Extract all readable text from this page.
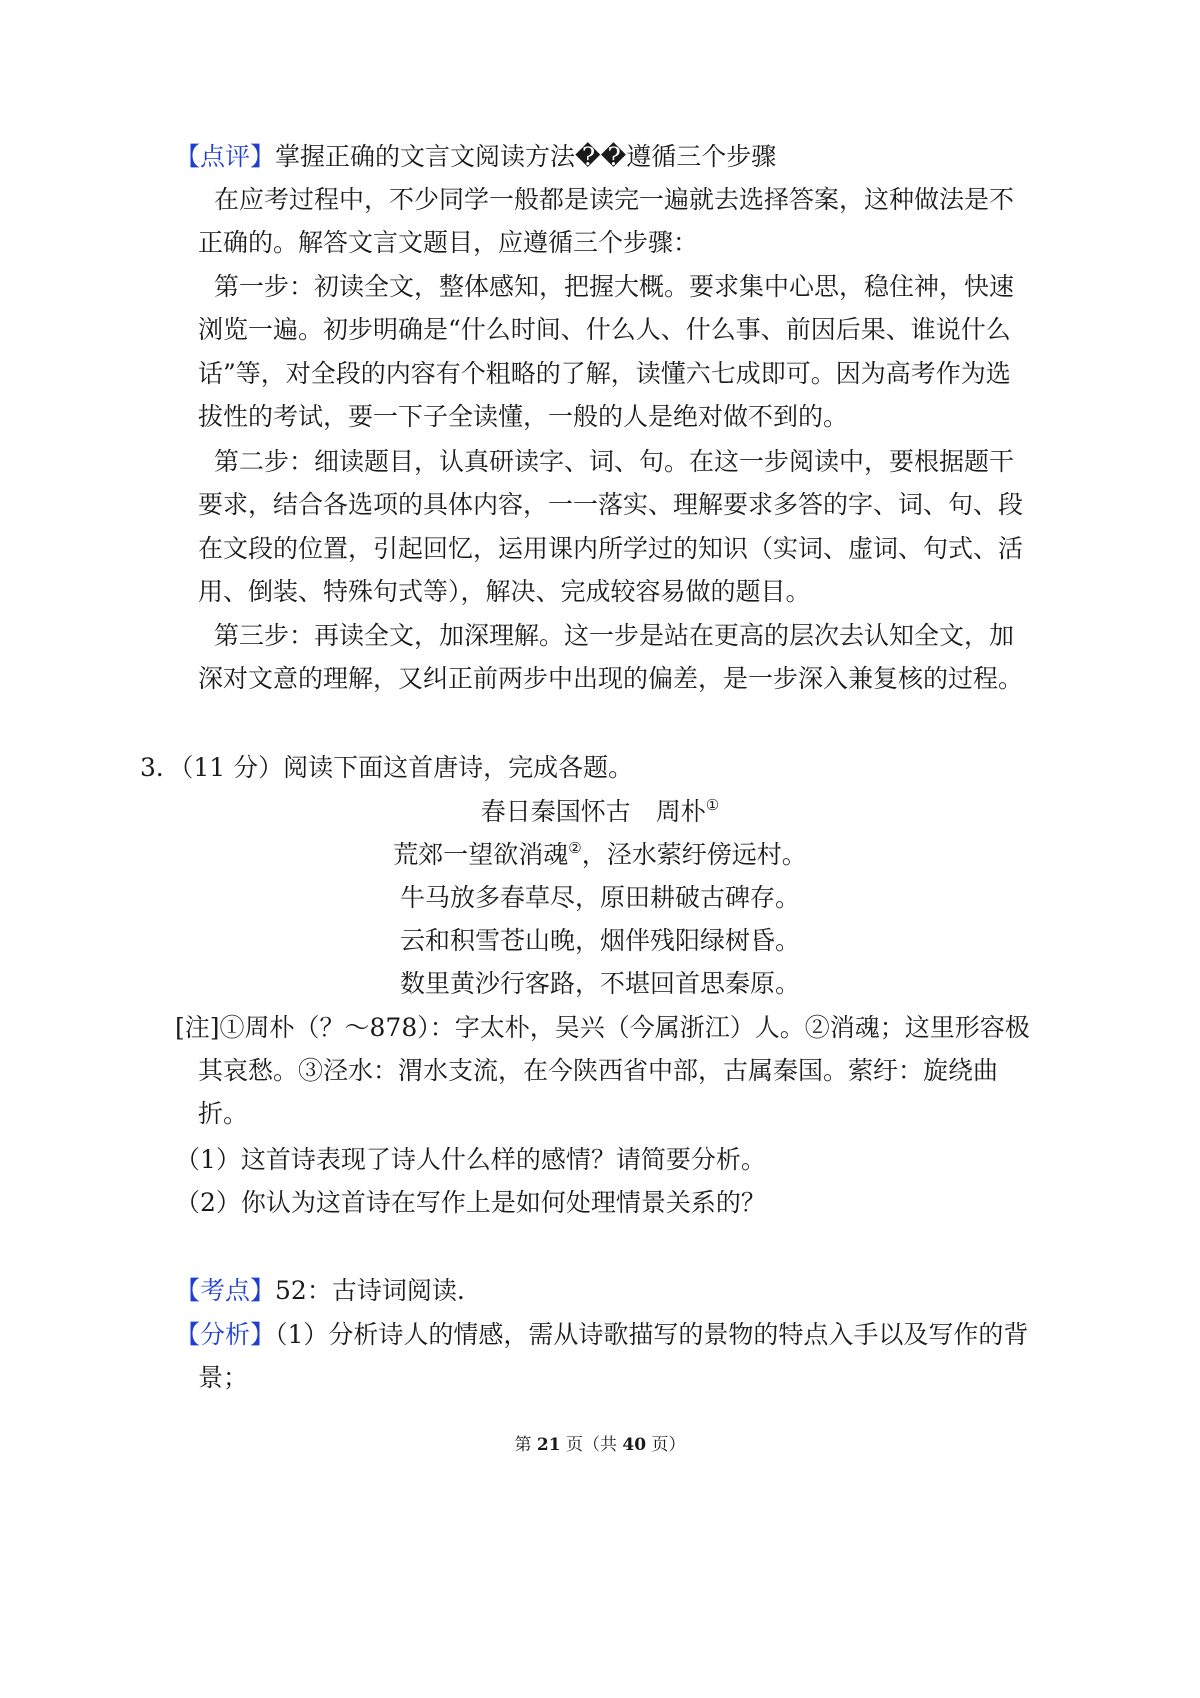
【点评】掌握正确的文言文阅读方法��遵循三个步骤
在应考过程中，不少同学一般都是读完一遍就去选择答案，这种做法是不
正确的。解答文言文题目，应遵循三个步骤：
第一步：初读全文，整体感知，把握大概。要求集中心思，稳住神，快速
浏览一遍。初步明确是“什么时间、什么人、什么事、前因后果、谁说什么
话”等，对全段的内容有个粗略的了解，读懂六七成即可。因为高考作为选
拔性的考试，要一下子全读懂，一般的人是绝对做不到的。
第二步：细读题目，认真研读字、词、句。在这一步阅读中，要根据题干
要求，结合各选项的具体内容，一一落实、理解要求多答的字、词、句、段
在文段的位置，引起回忆，运用课内所学过的知识（实词、虚词、句式、活
用、倒装、特殊句式等），解决、完成较容易做的题目。
第三步：再读全文，加深理解。这一步是站在更高的层次去认知全文，加
深对文意的理解，又纠正前两步中出现的偏差，是一步深入兼复核的过程。
3．（11 分）阅读下面这首唐诗，完成各题。
春日秦国怀古　周朴①
荒郊一望欲消魂②，泾水萦纡傍远村。
牛马放多春草尽，原田耕破古碑存。
云和积雪苍山晚，烟伴残阳绿树昏。
数里黄沙行客路，不堪回首思秦原。
[注]①周朴（？～878）：字太朴，吴兴（今属浙江）人。②消魂；这里形容极
其哀愁。③泾水：渭水支流，在今陕西省中部，古属秦国。萦纡：旋绕曲
折。
（1）这首诗表现了诗人什么样的感情？请简要分析。
（2）你认为这首诗在写作上是如何处理情景关系的？
【考点】52：古诗词阅读.
【分析】（1）分析诗人的情感，需从诗歌描写的景物的特点入手以及写作的背
景；
第 21 页（共 40 页）
